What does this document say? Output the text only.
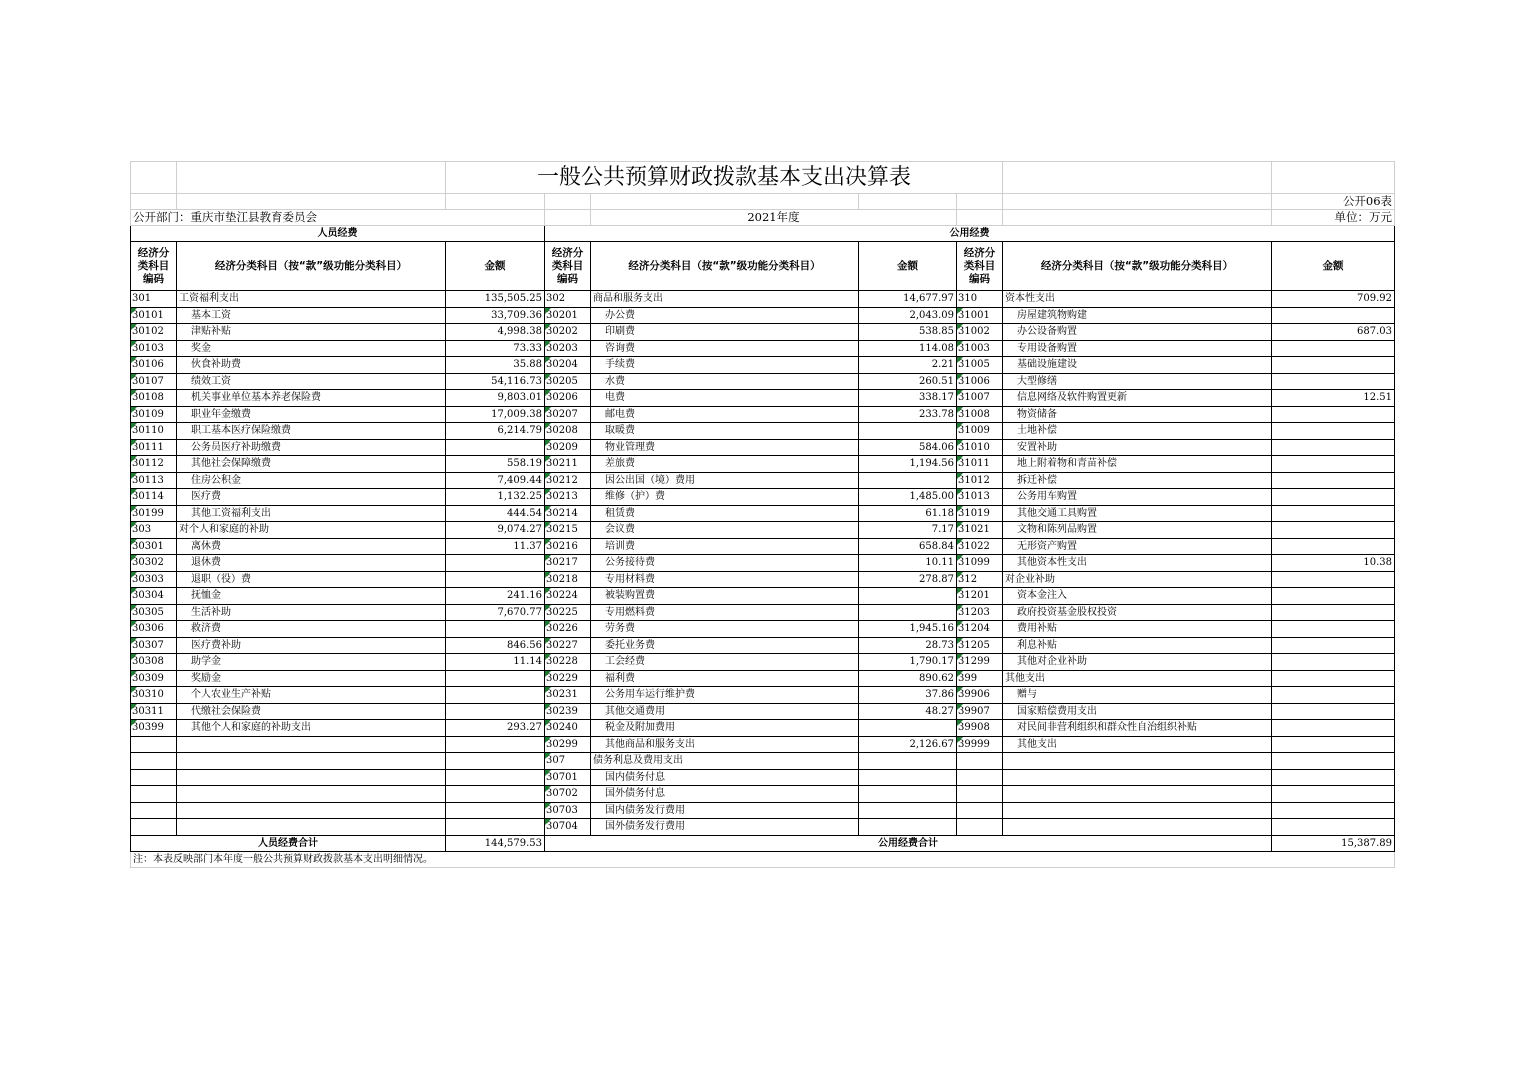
		一般公共预算财政拨款基本支出决算表						
								公开06表
公开部门：重庆市垫江县教育委员会				2021年度				单位：万元
人员经费			公用经费					
经济分类科目编码	经济分类科目（按“款”级功能分类科目）	金额	经济分类科目编码	经济分类科目（按“款”级功能分类科目）	金额	经济分类科目编码	经济分类科目（按“款”级功能分类科目）	金额
301	工资福利支出	135,505.25	302	商品和服务支出	14,677.97	310	资本性支出	709.92
30101	基本工资	33,709.36	30201	办公费	2,043.09	31001	房屋建筑物购建	
30102	津贴补贴	4,998.38	30202	印刷费	538.85	31002	办公设备购置	687.03
30103	奖金	73.33	30203	咨询费	114.08	31003	专用设备购置	
30106	伙食补助费	35.88	30204	手续费	2.21	31005	基础设施建设	
30107	绩效工资	54,116.73	30205	水费	260.51	31006	大型修缮	
30108	机关事业单位基本养老保险费	9,803.01	30206	电费	338.17	31007	信息网络及软件购置更新	12.51
30109	职业年金缴费	17,009.38	30207	邮电费	233.78	31008	物资储备	
30110	职工基本医疗保险缴费	6,214.79	30208	取暖费		31009	土地补偿	
30111	公务员医疗补助缴费		30209	物业管理费	584.06	31010	安置补助	
30112	其他社会保障缴费	558.19	30211	差旅费	1,194.56	31011	地上附着物和青苗补偿	
30113	住房公积金	7,409.44	30212	因公出国（境）费用		31012	拆迁补偿	
30114	医疗费	1,132.25	30213	维修（护）费	1,485.00	31013	公务用车购置	
30199	其他工资福利支出	444.54	30214	租赁费	61.18	31019	其他交通工具购置	
303	对个人和家庭的补助	9,074.27	30215	会议费	7.17	31021	文物和陈列品购置	
30301	离休费	11.37	30216	培训费	658.84	31022	无形资产购置	
30302	退休费		30217	公务接待费	10.11	31099	其他资本性支出	10.38
30303	退职（役）费		30218	专用材料费	278.87	312	对企业补助	
30304	抚恤金	241.16	30224	被装购置费		31201	资本金注入	
30305	生活补助	7,670.77	30225	专用燃料费		31203	政府投资基金股权投资	
30306	救济费		30226	劳务费	1,945.16	31204	费用补贴	
30307	医疗费补助	846.56	30227	委托业务费	28.73	31205	利息补贴	
30308	助学金	11.14	30228	工会经费	1,790.17	31299	其他对企业补助	
30309	奖励金		30229	福利费	890.62	399	其他支出	
30310	个人农业生产补贴		30231	公务用车运行维护费	37.86	39906	赠与	
30311	代缴社会保险费		30239	其他交通费用	48.27	39907	国家赔偿费用支出	
30399	其他个人和家庭的补助支出	293.27	30240	税金及附加费用		39908	对民间非营利组织和群众性自治组织补贴	
			30299	其他商品和服务支出	2,126.67	39999	其他支出	
			307	债务利息及费用支出				
			30701	国内债务付息				
			30702	国外债务付息				
			30703	国内债务发行费用				
			30704	国外债务发行费用				
人员经费合计		144,579.53	公用经费合计					15,387.89
注：本表反映部门本年度一般公共预算财政拨款基本支出明细情况。								
